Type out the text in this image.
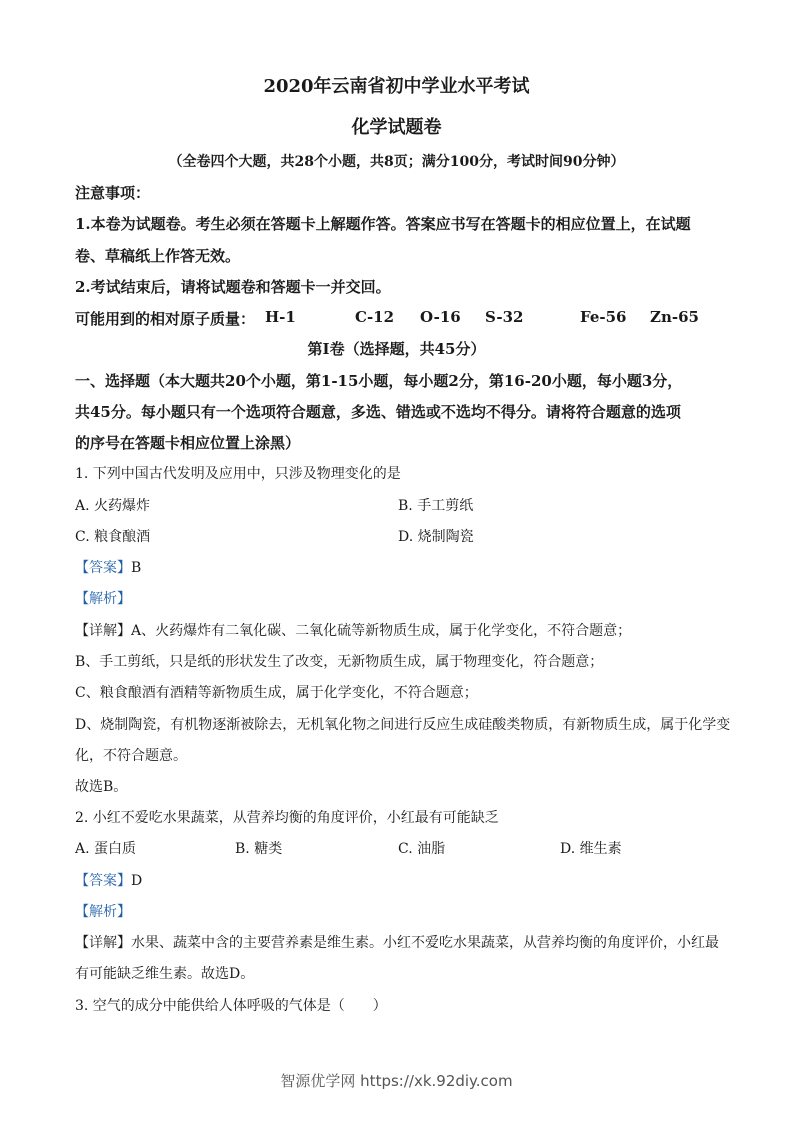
2020年云南省初中学业水平考试
化学试题卷
（全卷四个大题，共28个小题，共8页；满分100分，考试时间90分钟）
注意事项：
1.本卷为试题卷。考生必须在答题卡上解题作答。答案应书写在答题卡的相应位置上，在试题
卷、草稿纸上作答无效。
2.考试结束后，请将试题卷和答题卡一并交回。
可能用到的相对原子质量： H-1	C-12 O-16 S-32	Fe-56 Zn-65
第Ⅰ卷（选择题，共45分）
一、选择题（本大题共20个小题，第1-15小题，每小题2分，第16-20小题，每小题3分，
共45分。每小题只有一个选项符合题意，多选、错选或不选均不得分。请将符合题意的选项
的序号在答题卡相应位置上涂黑）
1. 下列中国古代发明及应用中，只涉及物理变化的是
A. 火药爆炸	B. 手工剪纸
C. 粮食酿酒	D. 烧制陶瓷
【答案】B
【解析】
【详解】A、火药爆炸有二氧化碳、二氧化硫等新物质生成，属于化学变化，不符合题意；
B、手工剪纸，只是纸的形状发生了改变，无新物质生成，属于物理变化，符合题意；
C、粮食酿酒有酒精等新物质生成，属于化学变化，不符合题意；
D、烧制陶瓷，有机物逐渐被除去，无机氧化物之间进行反应生成硅酸类物质，有新物质生成，属于化学变
化，不符合题意。
故选B。
2. 小红不爱吃水果蔬菜，从营养均衡的角度评价，小红最有可能缺乏
A. 蛋白质	B. 糖类	C. 油脂	D. 维生素
【答案】D
【解析】
【详解】水果、蔬菜中含的主要营养素是维生素。小红不爱吃水果蔬菜，从营养均衡的角度评价，小红最
有可能缺乏维生素。故选D。
3. 空气的成分中能供给人体呼吸的气体是（　　）
智源优学网 https://xk.92diy.com
